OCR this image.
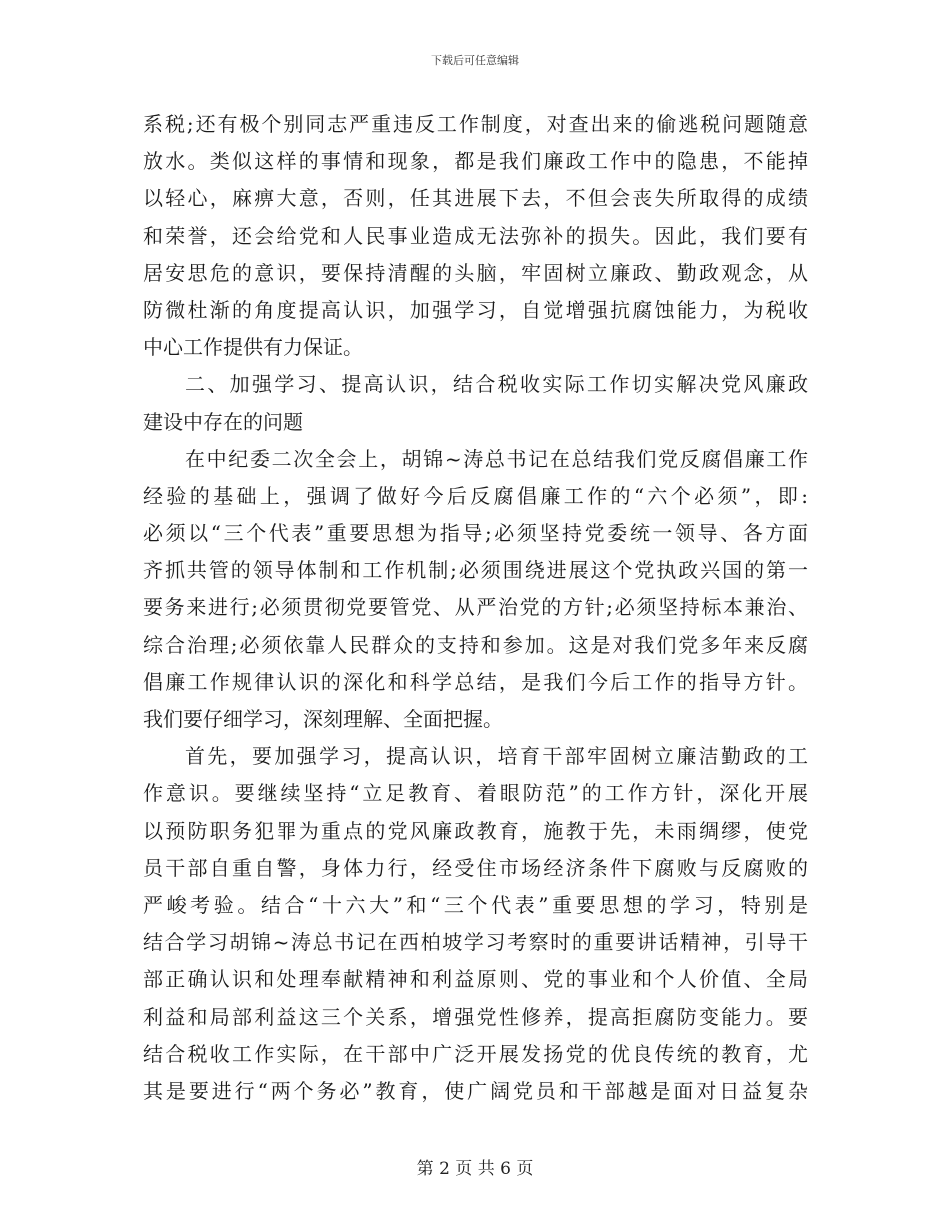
下载后可任意编辑
系税;还有极个别同志严重违反工作制度，对查出来的偷逃税问题随意
放水。类似这样的事情和现象，都是我们廉政工作中的隐患，不能掉
以轻心，麻痹大意，否则，任其进展下去，不但会丧失所取得的成绩
和荣誉，还会给党和人民事业造成无法弥补的损失。因此，我们要有
居安思危的意识，要保持清醒的头脑，牢固树立廉政、勤政观念，从
防微杜渐的角度提高认识，加强学习，自觉增强抗腐蚀能力，为税收
中心工作提供有力保证。
二、加强学习、提高认识，结合税收实际工作切实解决党风廉政
建设中存在的问题
在中纪委二次全会上，胡锦~涛总书记在总结我们党反腐倡廉工作
经验的基础上，强调了做好今后反腐倡廉工作的“六个必须”，即:
必须以“三个代表”重要思想为指导;必须坚持党委统一领导、各方面
齐抓共管的领导体制和工作机制;必须围绕进展这个党执政兴国的第一
要务来进行;必须贯彻党要管党、从严治党的方针;必须坚持标本兼治、
综合治理;必须依靠人民群众的支持和参加。这是对我们党多年来反腐
倡廉工作规律认识的深化和科学总结，是我们今后工作的指导方针。
我们要仔细学习，深刻理解、全面把握。
首先，要加强学习，提高认识，培育干部牢固树立廉洁勤政的工
作意识。要继续坚持“立足教育、着眼防范”的工作方针，深化开展
以预防职务犯罪为重点的党风廉政教育，施教于先，未雨绸缪，使党
员干部自重自警，身体力行，经受住市场经济条件下腐败与反腐败的
严峻考验。结合“十六大”和“三个代表”重要思想的学习，特别是
结合学习胡锦~涛总书记在西柏坡学习考察时的重要讲话精神，引导干
部正确认识和处理奉献精神和利益原则、党的事业和个人价值、全局
利益和局部利益这三个关系，增强党性修养，提高拒腐防变能力。要
结合税收工作实际，在干部中广泛开展发扬党的优良传统的教育，尤
其是要进行“两个务必”教育，使广阔党员和干部越是面对日益复杂
第 2 页 共 6 页
